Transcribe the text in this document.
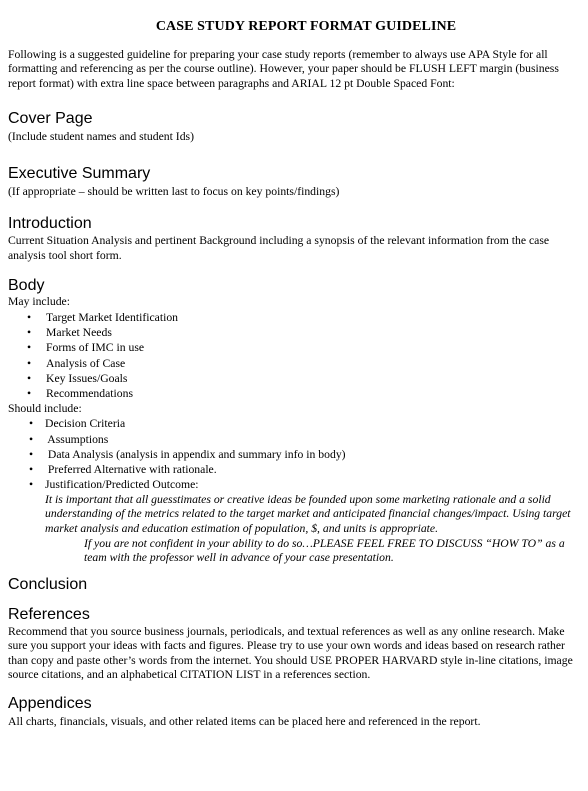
CASE STUDY REPORT FORMAT GUIDELINE
Following is a suggested guideline for preparing your case study reports (remember to always use APA Style for all formatting and referencing as per the course outline). However, your paper should be FLUSH LEFT margin (business report format) with extra line space between paragraphs and ARIAL 12 pt Double Spaced Font:
Cover Page
(Include student names and student Ids)
Executive Summary
(If appropriate – should be written last to focus on key points/findings)
Introduction
Current Situation Analysis and pertinent Background including a synopsis of the relevant information from the case analysis tool short form.
Body
May include:
• Target Market Identification
• Market Needs
• Forms of IMC in use
• Analysis of Case
• Key Issues/Goals
• Recommendations
Should include:
• Decision Criteria
• Assumptions
• Data Analysis (analysis in appendix and summary info in body)
• Preferred Alternative with rationale.
• Justification/Predicted Outcome:
It is important that all guesstimates or creative ideas be founded upon some marketing rationale and a solid understanding of the metrics related to the target market and anticipated financial changes/impact. Using target market analysis and education estimation of population, $, and units is appropriate.
If you are not confident in your ability to do so…PLEASE FEEL FREE TO DISCUSS “HOW TO” as a team with the professor well in advance of your case presentation.
Conclusion
References
Recommend that you source business journals, periodicals, and textual references as well as any online research. Make sure you support your ideas with facts and figures. Please try to use your own words and ideas based on research rather than copy and paste other’s words from the internet. You should USE PROPER HARVARD style in-line citations, image source citations, and an alphabetical CITATION LIST in a references section.
Appendices
All charts, financials, visuals, and other related items can be placed here and referenced in the report.
